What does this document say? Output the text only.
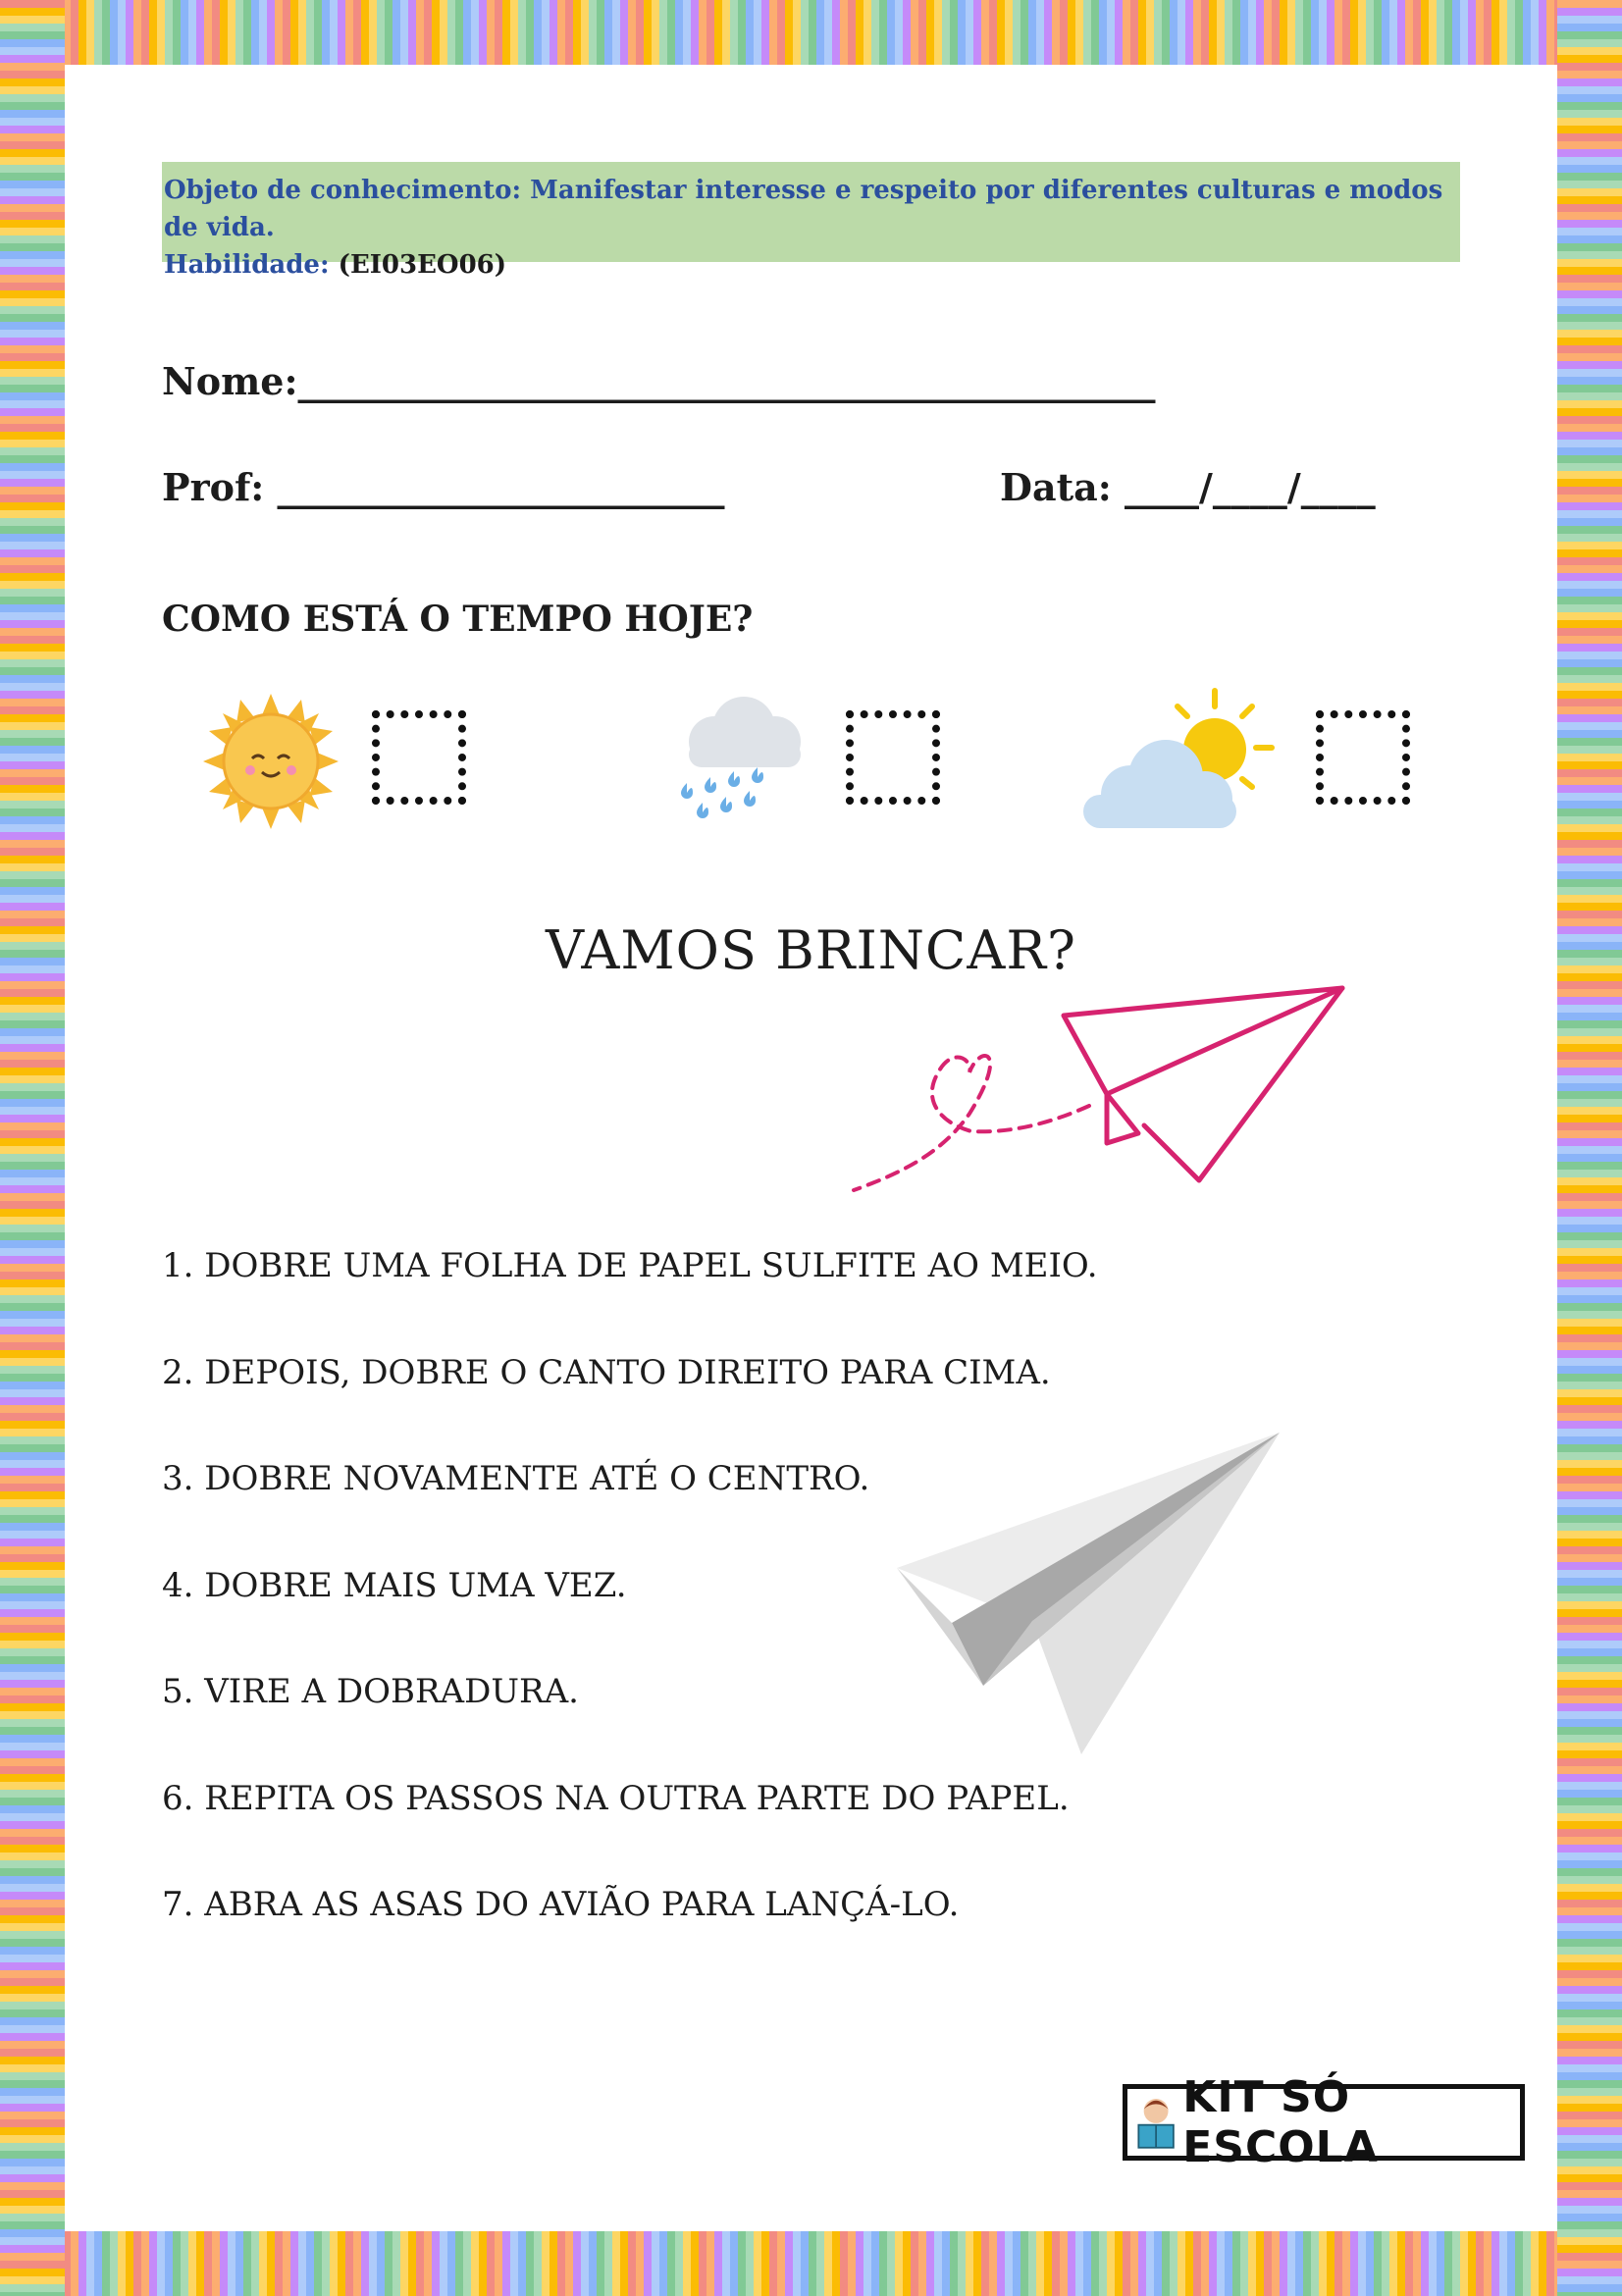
Objeto de conhecimento: Manifestar interesse e respeito por diferentes culturas e modos de vida.
Habilidade: (EI03EO06)
Nome:______________________________________________
Prof: ________________________	Data: ____/____/____
COMO ESTÁ O TEMPO HOJE?
VAMOS BRINCAR?
1. DOBRE UMA FOLHA DE PAPEL SULFITE AO MEIO.
2. DEPOIS, DOBRE O CANTO DIREITO PARA CIMA.
3. DOBRE NOVAMENTE ATÉ O CENTRO.
4. DOBRE MAIS UMA VEZ.
5. VIRE A DOBRADURA.
6. REPITA OS PASSOS NA OUTRA PARTE DO PAPEL.
7. ABRA AS ASAS DO AVIÃO PARA LANÇÁ-LO.
KIT SÓ ESCOLA
